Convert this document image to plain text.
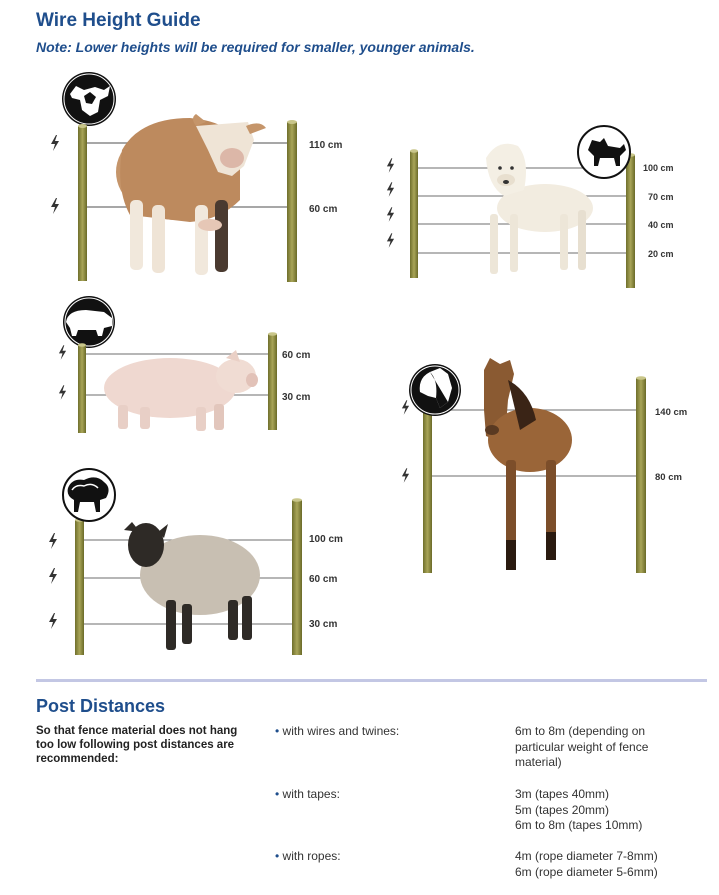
Wire Height Guide
Note: Lower heights will be required for smaller, younger animals.
110 cm
60 cm
100 cm
70 cm
40 cm
20 cm
60 cm
30 cm
140 cm
80 cm
100 cm
60 cm
30 cm
Post Distances
So that fence material does not hang too low following post distances are recommended:
• with wires and twines:	6m to 8m (depending on
particular weight of fence
material)
• with tapes:	3m (tapes 40mm)
5m (tapes 20mm)
6m to 8m (tapes 10mm)
• with ropes:	4m (rope diameter 7-8mm)
6m (rope diameter 5-6mm)
